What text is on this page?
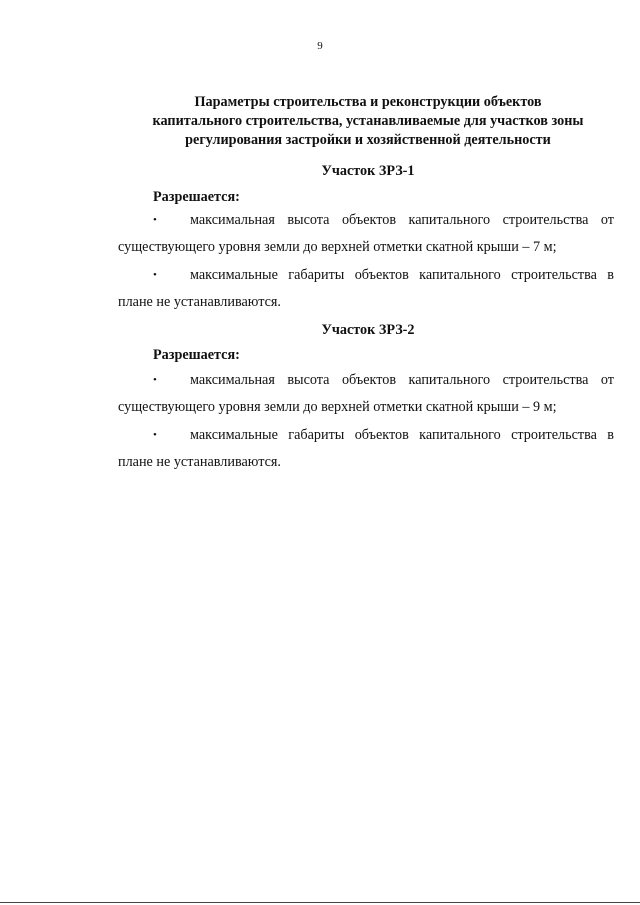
9
Параметры строительства и реконструкции объектов
капитального строительства, устанавливаемые для участков зоны
регулирования застройки и хозяйственной деятельности
Участок ЗРЗ-1
Разрешается:
• максимальная высота объектов капитального строительства от
существующего уровня земли до верхней отметки скатной крыши – 7 м;
• максимальные габариты объектов капитального строительства в
плане не устанавливаются.
Участок ЗРЗ-2
Разрешается:
• максимальная высота объектов капитального строительства от
существующего уровня земли до верхней отметки скатной крыши – 9 м;
• максимальные габариты объектов капитального строительства в
плане не устанавливаются.
